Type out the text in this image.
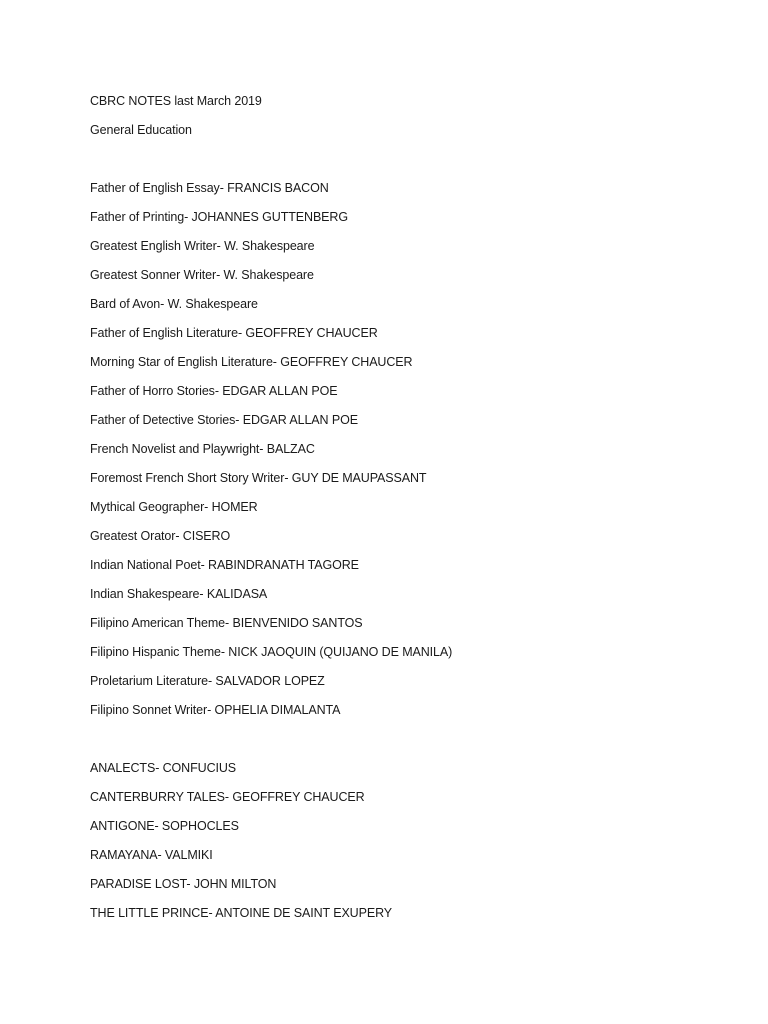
CBRC NOTES last March 2019
General Education
Father of English Essay- FRANCIS BACON
Father of Printing- JOHANNES GUTTENBERG
Greatest English Writer- W. Shakespeare
Greatest Sonner Writer- W. Shakespeare
Bard of Avon- W. Shakespeare
Father of English Literature- GEOFFREY CHAUCER
Morning Star of English Literature- GEOFFREY CHAUCER
Father of Horro Stories- EDGAR ALLAN POE
Father of Detective Stories- EDGAR ALLAN POE
French Novelist and Playwright- BALZAC
Foremost French Short Story Writer- GUY DE MAUPASSANT
Mythical Geographer- HOMER
Greatest Orator- CISERO
Indian National Poet- RABINDRANATH TAGORE
Indian Shakespeare- KALIDASA
Filipino American Theme- BIENVENIDO SANTOS
Filipino Hispanic Theme- NICK JAOQUIN (QUIJANO DE MANILA)
Proletarium Literature- SALVADOR LOPEZ
Filipino Sonnet Writer- OPHELIA DIMALANTA
ANALECTS- CONFUCIUS
CANTERBURRY TALES- GEOFFREY CHAUCER
ANTIGONE- SOPHOCLES
RAMAYANA- VALMIKI
PARADISE LOST- JOHN MILTON
THE LITTLE PRINCE- ANTOINE DE SAINT EXUPERY
